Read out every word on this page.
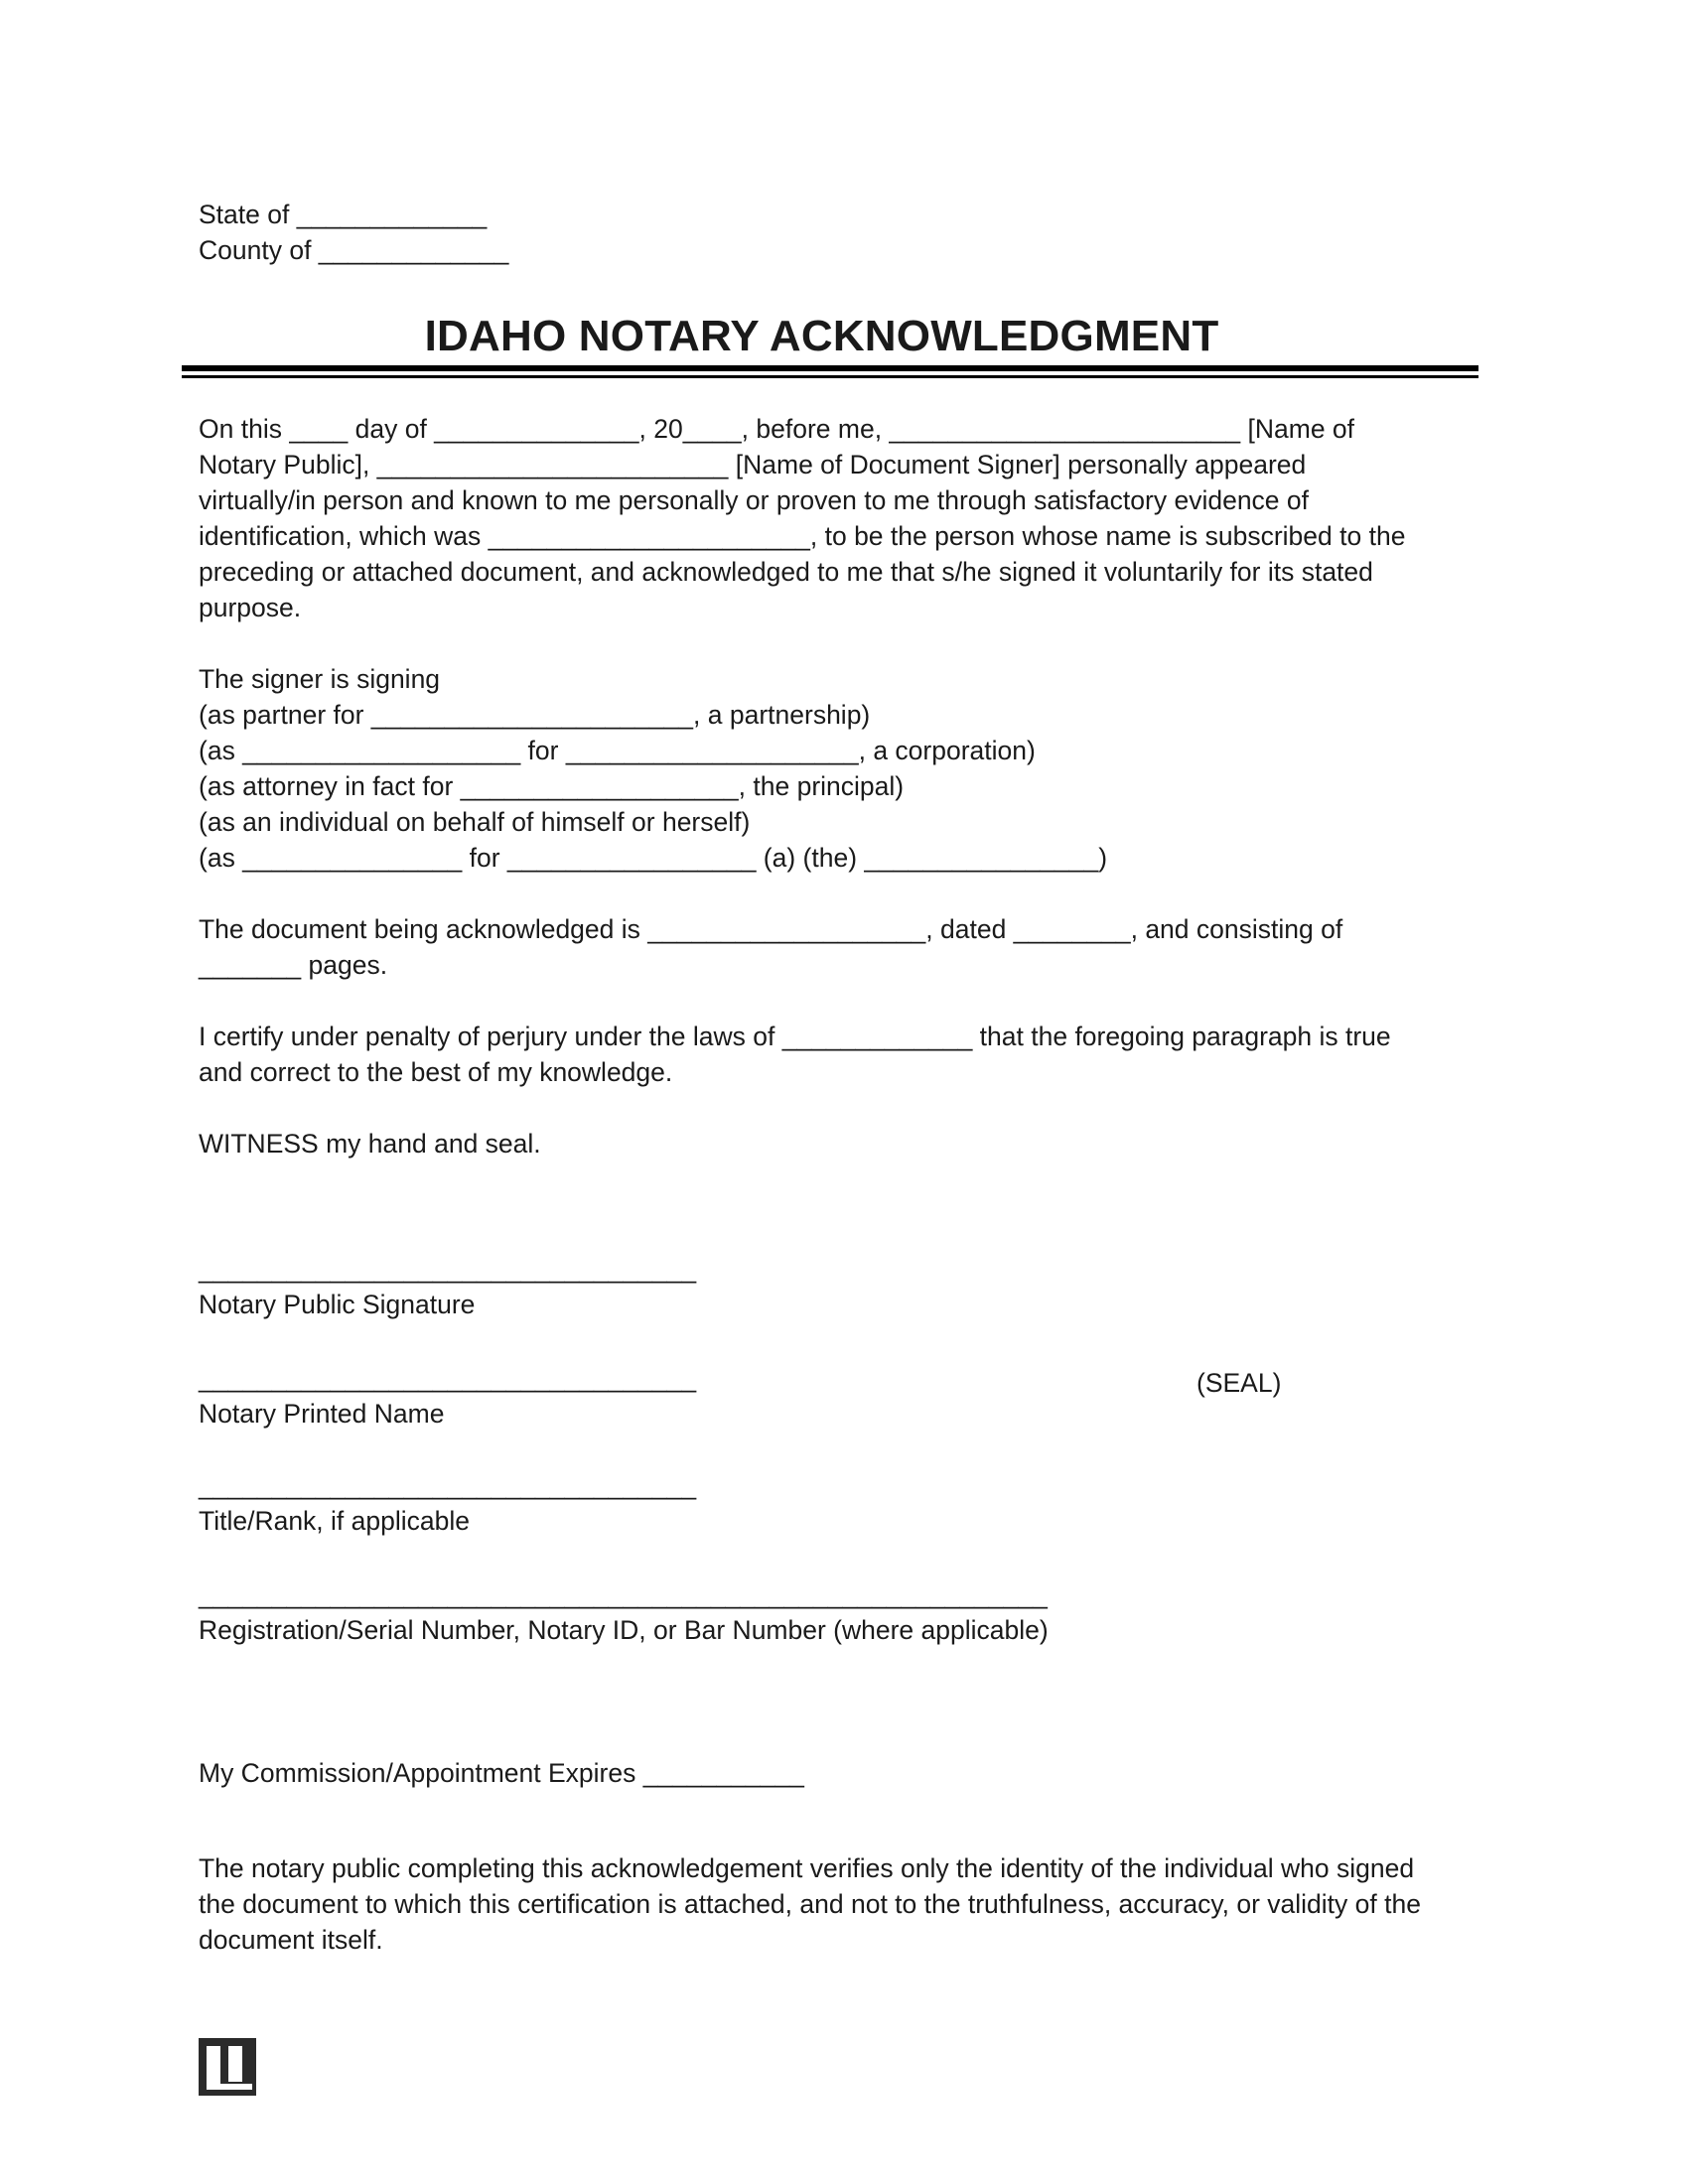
State of _____________

County of _____________

IDAHO NOTARY ACKNOWLEDGMENT

On this ____ day of ______________, 20____, before me, ________________________ [Name of

Notary Public], ________________________ [Name of Document Signer] personally appeared

virtually/in person and known to me personally or proven to me through satisfactory evidence of

identification, which was ______________________, to be the person whose name is subscribed to the

preceding or attached document, and acknowledged to me that s/he signed it voluntarily for its stated

purpose.

The signer is signing

(as partner for ______________________, a partnership)

(as ___________________ for ____________________, a corporation)

(as attorney in fact for ___________________, the principal)

(as an individual on behalf of himself or herself)

(as _______________ for _________________ (a) (the) ________________)

The document being acknowledged is ___________________, dated ________, and consisting of

_______ pages.

I certify under penalty of perjury under the laws of _____________ that the foregoing paragraph is true

and correct to the best of my knowledge.

WITNESS my hand and seal.

__________________________________

Notary Public Signature

__________________________________	(SEAL)

Notary Printed Name

__________________________________

Title/Rank, if applicable

__________________________________________________________

Registration/Serial Number, Notary ID, or Bar Number (where applicable)

My Commission/Appointment Expires ___________

The notary public completing this acknowledgement verifies only the identity of the individual who signed

the document to which this certification is attached, and not to the truthfulness, accuracy, or validity of the

document itself.
